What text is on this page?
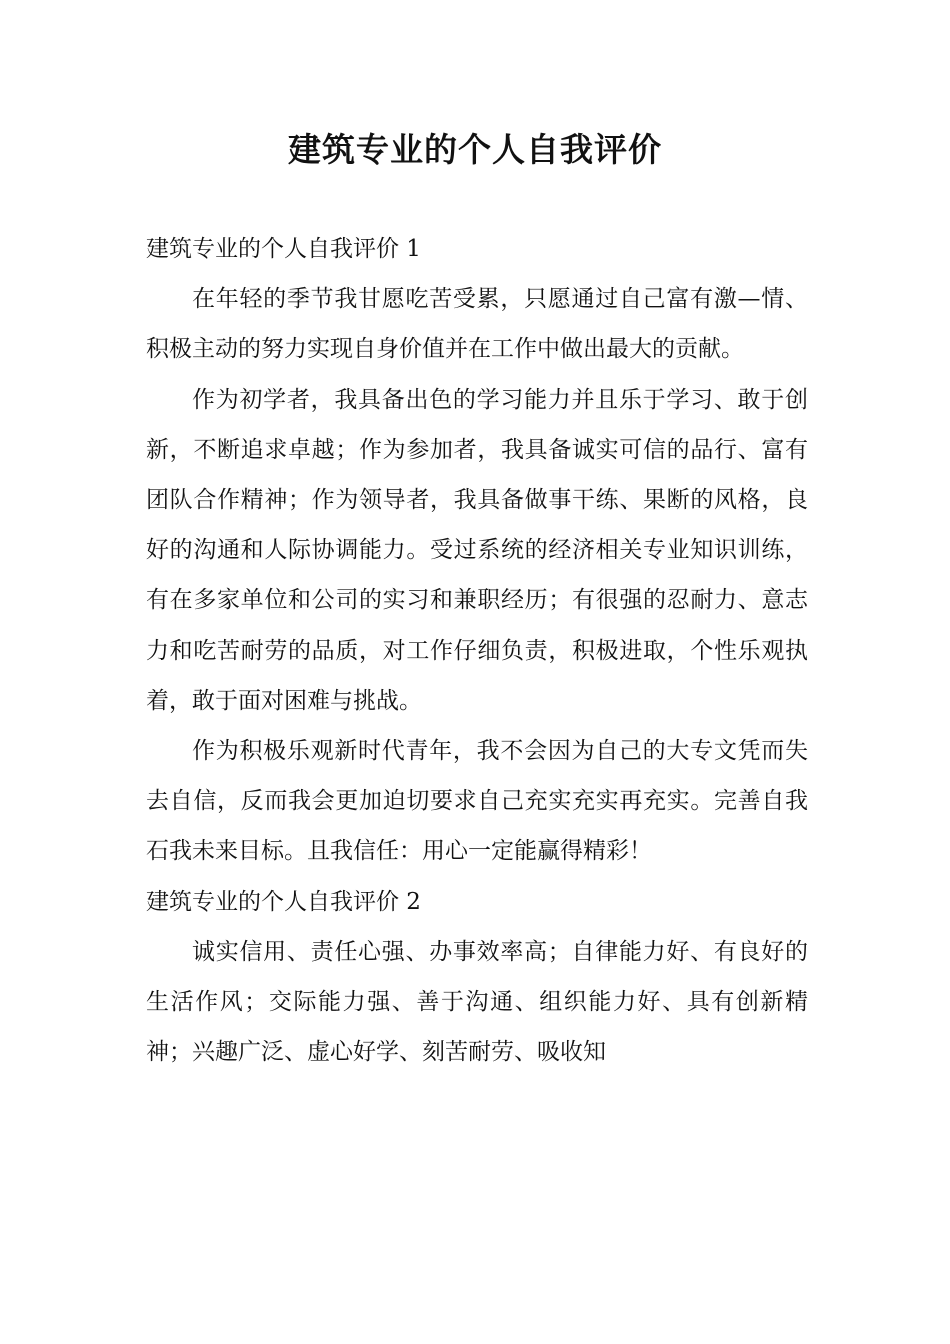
建筑专业的个人自我评价
建筑专业的个人自我评价 1

在年轻的季节我甘愿吃苦受累，只愿通过自己富有激—情、积极主动的努力实现自身价值并在工作中做出最大的贡献。

作为初学者，我具备出色的学习能力并且乐于学习、敢于创新，不断追求卓越；作为参加者，我具备诚实可信的品行、富有团队合作精神；作为领导者，我具备做事干练、果断的风格，良好的沟通和人际协调能力。受过系统的经济相关专业知识训练，有在多家单位和公司的实习和兼职经历；有很强的忍耐力、意志力和吃苦耐劳的品质，对工作仔细负责，积极进取，个性乐观执着，敢于面对困难与挑战。

作为积极乐观新时代青年，我不会因为自己的大专文凭而失去自信，反而我会更加迫切要求自己充实充实再充实。完善自我石我未来目标。且我信任：用心一定能赢得精彩！

建筑专业的个人自我评价 2

诚实信用、责任心强、办事效率高；自律能力好、有良好的生活作风；交际能力强、善于沟通、组织能力好、具有创新精神；兴趣广泛、虚心好学、刻苦耐劳、吸收知
